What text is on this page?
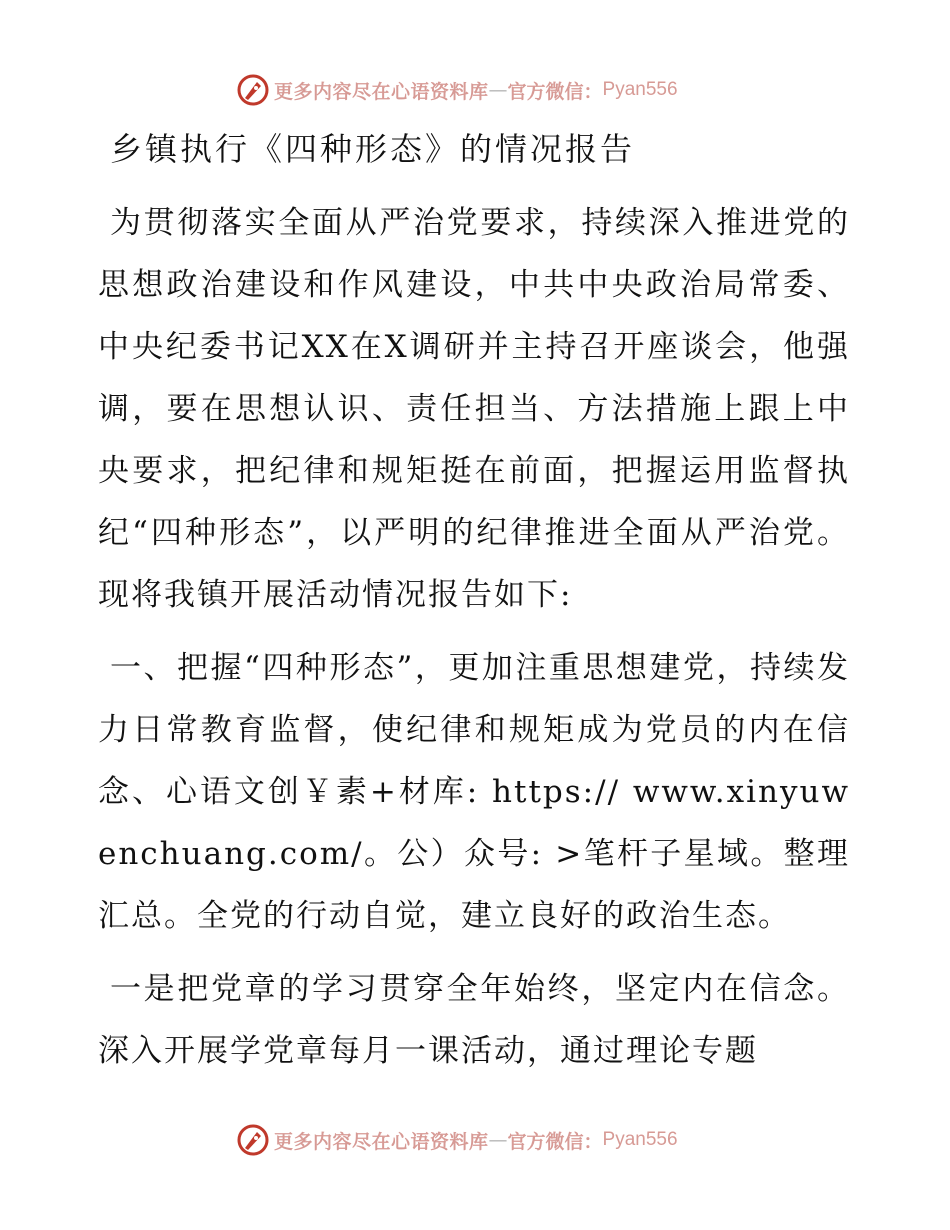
更多内容尽在心语资料库 — 官方微信： Pyan556
乡镇执行《四种形态》的情况报告

为贯彻落实全面从严治党要求，持续深入推进党的思想政治建设和作风建设，中共中央政治局常委、中央纪委书记XX在X调研并主持召开座谈会，他强调，要在思想认识、责任担当、方法措施上跟上中央要求，把纪律和规矩挺在前面，把握运用监督执纪“四种形态”，以严明的纪律推进全面从严治党。现将我镇开展活动情况报告如下:

一、把握“四种形态”，更加注重思想建党，持续发力日常教育监督，使纪律和规矩成为党员的内在信念、心语文创￥素+材库: https:// www.xinyuwenchuang.com/。公）众号: >笔杆子星域。整理汇总。全党的行动自觉，建立良好的政治生态。

一是把党章的学习贯穿全年始终，坚定内在信念。深入开展学党章每月一课活动，通过理论专题

更多内容尽在心语资料库 — 官方微信： Pyan556
